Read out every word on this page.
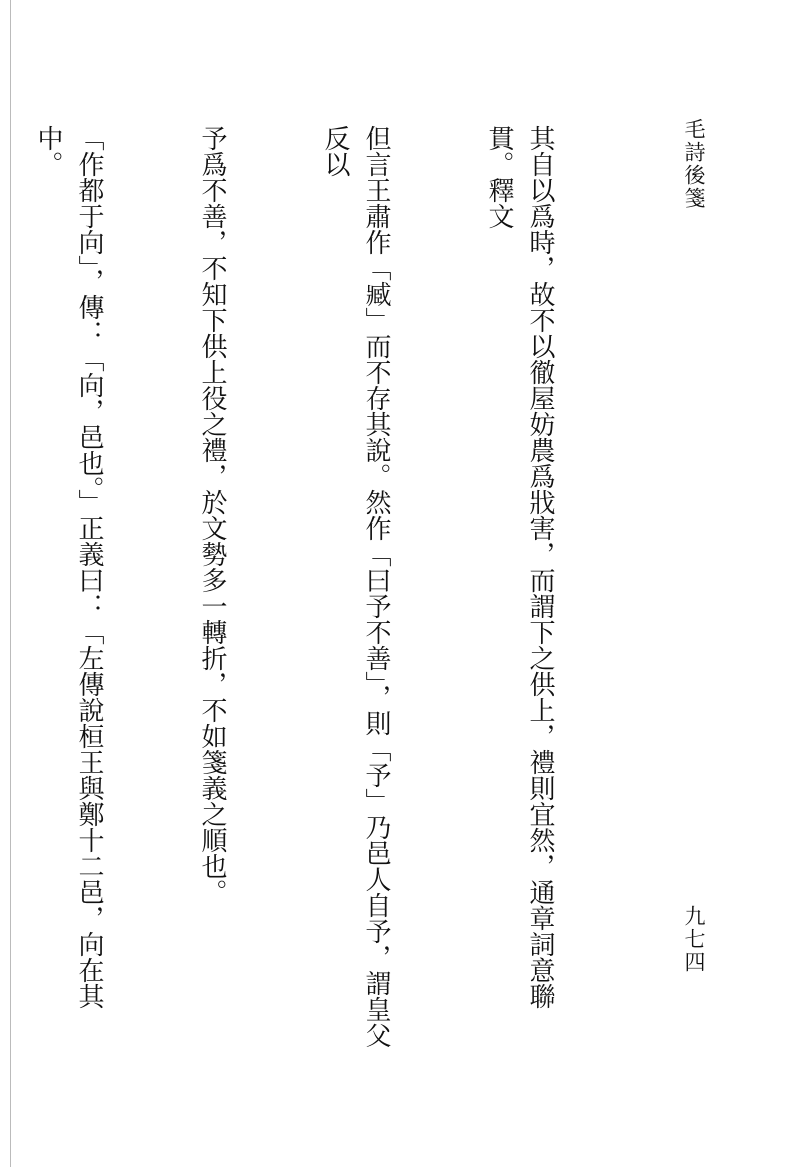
毛詩後箋
九七四

其自以爲時，故不以徹屋妨農爲戕害，而謂下之供上，禮則宜然，通章詞意聯貫。釋文

但言王肅作「臧」而不存其說。然作「曰予不善」，則「予」乃邑人自予，謂皇父反以

予爲不善，不知下供上役之禮，於文勢多一轉折，不如箋義之順也。

「作都于向」，傳：「向，邑也。」正義曰：「左傳說桓王與鄭十二邑，向在其中。
